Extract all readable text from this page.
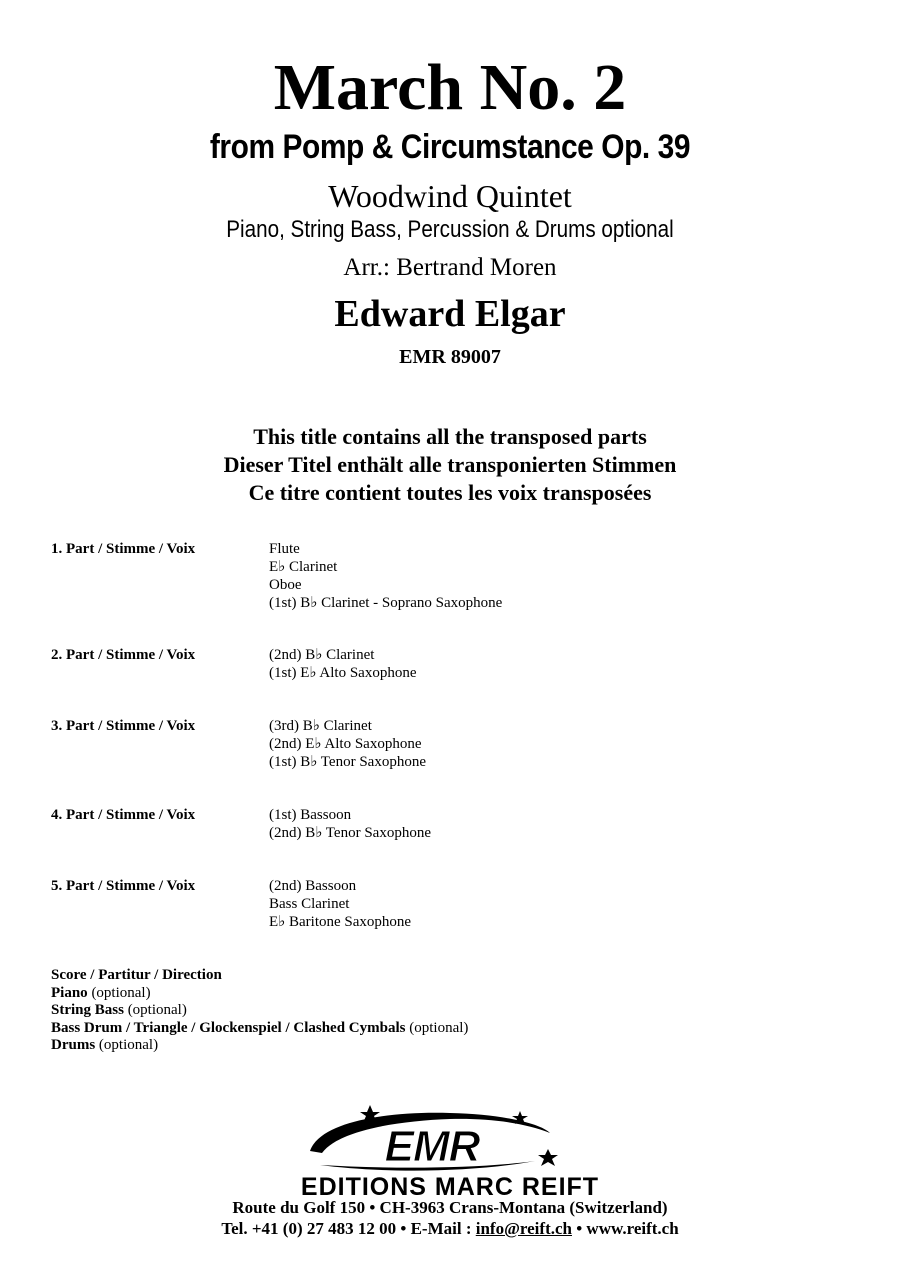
March No. 2
from Pomp & Circumstance Op. 39
Woodwind Quintet
Piano, String Bass, Percussion & Drums optional
Arr.: Bertrand Moren
Edward Elgar
EMR 89007
This title contains all the transposed parts
Dieser Titel enthält alle transponierten Stimmen
Ce titre contient toutes les voix transposées
1. Part / Stimme / Voix	Flute
E♭ Clarinet
Oboe
(1st) B♭ Clarinet - Soprano Saxophone
2. Part / Stimme / Voix	(2nd) B♭ Clarinet
(1st) E♭ Alto Saxophone
3. Part / Stimme / Voix	(3rd) B♭ Clarinet
(2nd) E♭ Alto Saxophone
(1st) B♭ Tenor Saxophone
4. Part / Stimme / Voix	(1st) Bassoon
(2nd) B♭ Tenor Saxophone
5. Part / Stimme / Voix	(2nd) Bassoon
Bass Clarinet
E♭ Baritone Saxophone
Score / Partitur / Direction
Piano (optional)
String Bass (optional)
Bass Drum / Triangle / Glockenspiel / Clashed Cymbals (optional)
Drums (optional)
EMR
EDITIONS MARC REIFT
Route du Golf 150 • CH-3963 Crans-Montana (Switzerland)
Tel. +41 (0) 27 483 12 00 • E-Mail : info@reift.ch • www.reift.ch
